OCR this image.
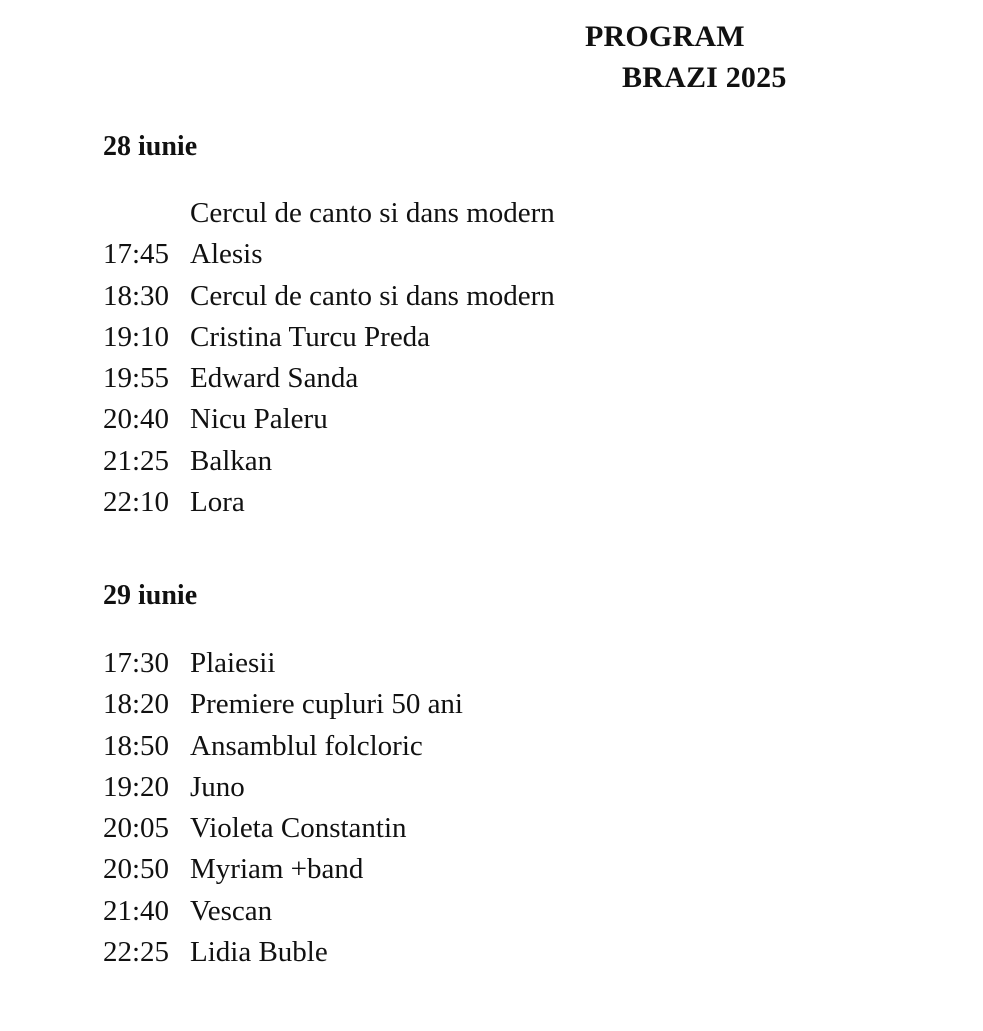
PROGRAM
BRAZI 2025
28 iunie
Cercul de canto si dans modern
17:45 Alesis
18:30 Cercul de canto si dans modern
19:10 Cristina Turcu Preda
19:55 Edward Sanda
20:40 Nicu Paleru
21:25 Balkan
22:10 Lora
29 iunie
17:30 Plaiesii
18:20 Premiere cupluri 50 ani
18:50 Ansamblul folcloric
19:20 Juno
20:05 Violeta Constantin
20:50 Myriam +band
21:40 Vescan
22:25 Lidia Buble
